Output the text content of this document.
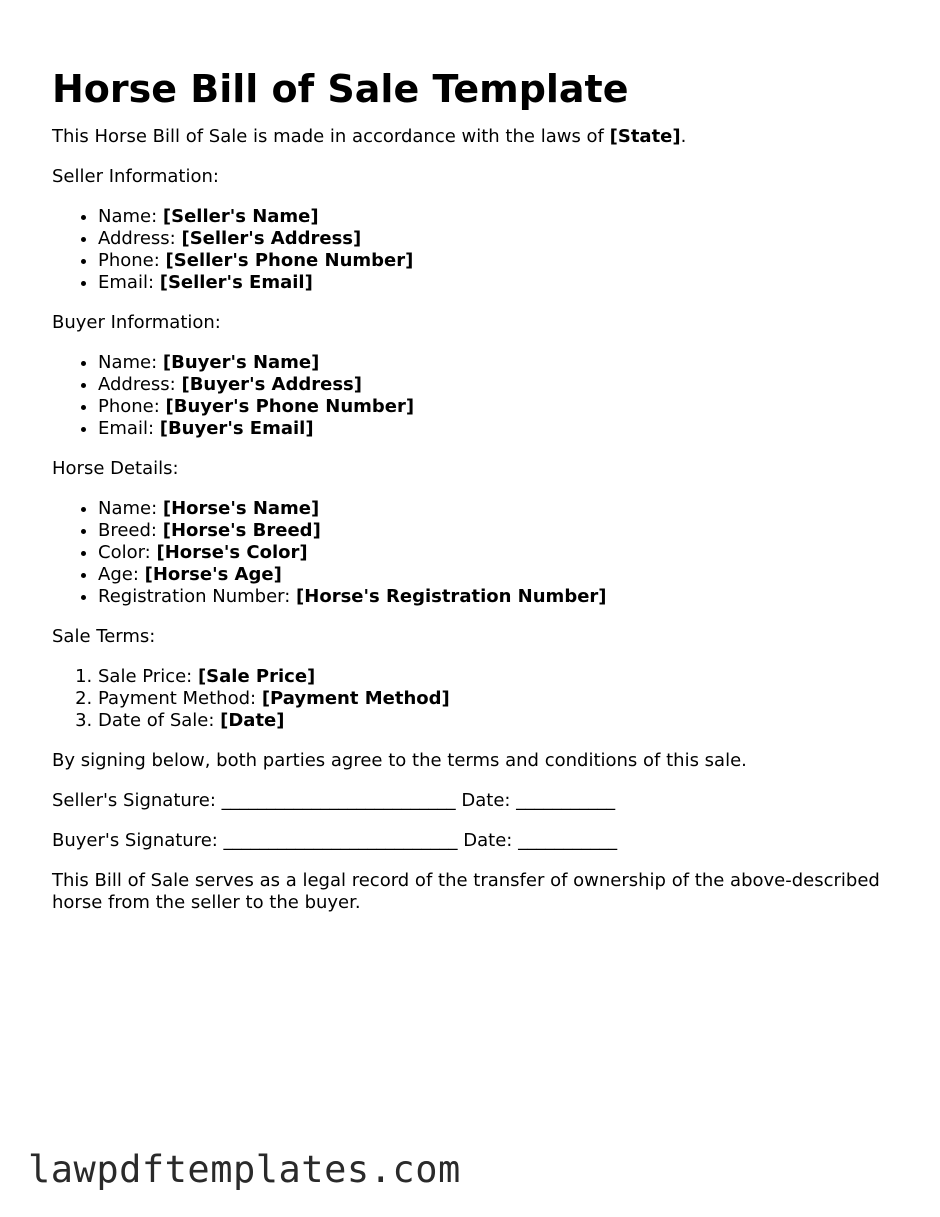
Horse Bill of Sale Template

This Horse Bill of Sale is made in accordance with the laws of [State].

Seller Information:

• Name: [Seller's Name]
• Address: [Seller's Address]
• Phone: [Seller's Phone Number]
• Email: [Seller's Email]

Buyer Information:

• Name: [Buyer's Name]
• Address: [Buyer's Address]
• Phone: [Buyer's Phone Number]
• Email: [Buyer's Email]

Horse Details:

• Name: [Horse's Name]
• Breed: [Horse's Breed]
• Color: [Horse's Color]
• Age: [Horse's Age]
• Registration Number: [Horse's Registration Number]

Sale Terms:

1. Sale Price: [Sale Price]
2. Payment Method: [Payment Method]
3. Date of Sale: [Date]

By signing below, both parties agree to the terms and conditions of this sale.

Seller's Signature: __________________________ Date: ___________

Buyer's Signature: __________________________ Date: ___________

This Bill of Sale serves as a legal record of the transfer of ownership of the above-described horse from the seller to the buyer.

lawpdftemplates.com
